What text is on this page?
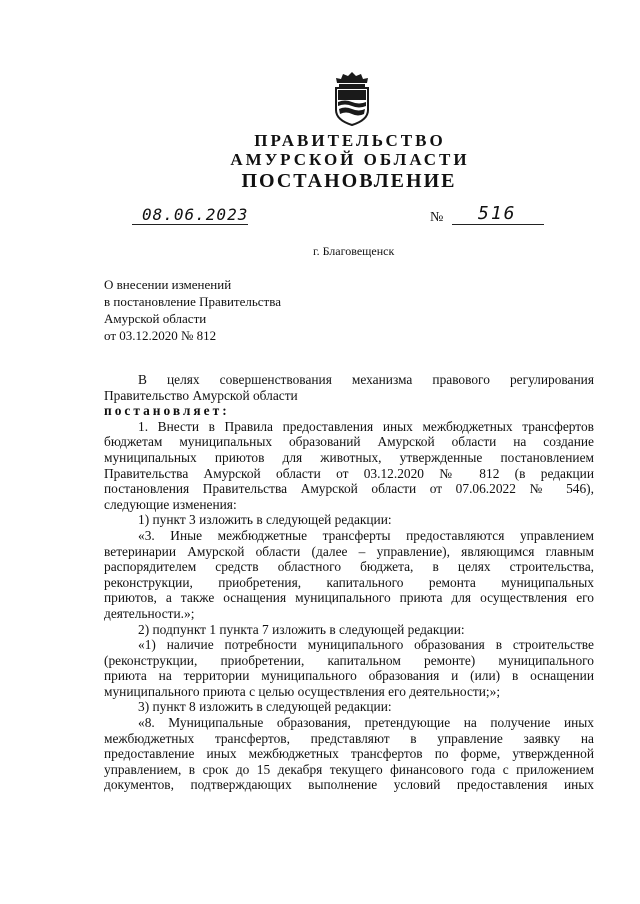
ПРАВИТЕЛЬСТВО
АМУРСКОЙ ОБЛАСТИ
ПОСТАНОВЛЕНИЕ
08.06.2023	№ 516
г. Благовещенск
О внесении изменений
в постановление Правительства
Амурской области
от 03.12.2020 № 812
В целях совершенствования механизма правового регулирования
Правительство Амурской области
постановляет:
1. Внести в Правила предоставления иных межбюджетных трансфертов
бюджетам муниципальных образований Амурской области на создание
муниципальных приютов для животных, утвержденные постановлением
Правительства Амурской области от 03.12.2020 № 812 (в редакции
постановления Правительства Амурской области от 07.06.2022 № 546),
следующие изменения:
1) пункт 3 изложить в следующей редакции:
«3. Иные межбюджетные трансферты предоставляются управлением
ветеринарии Амурской области (далее – управление), являющимся главным
распорядителем средств областного бюджета, в целях строительства,
реконструкции, приобретения, капитального ремонта муниципальных
приютов, а также оснащения муниципального приюта для осуществления его
деятельности.»;
2) подпункт 1 пункта 7 изложить в следующей редакции:
«1) наличие потребности муниципального образования в строительстве
(реконструкции, приобретении, капитальном ремонте) муниципального
приюта на территории муниципального образования и (или) в оснащении
муниципального приюта с целью осуществления его деятельности;»;
3) пункт 8 изложить в следующей редакции:
«8. Муниципальные образования, претендующие на получение иных
межбюджетных трансфертов, представляют в управление заявку на
предоставление иных межбюджетных трансфертов по форме, утвержденной
управлением, в срок до 15 декабря текущего финансового года с приложением
документов, подтверждающих выполнение условий предоставления иных
